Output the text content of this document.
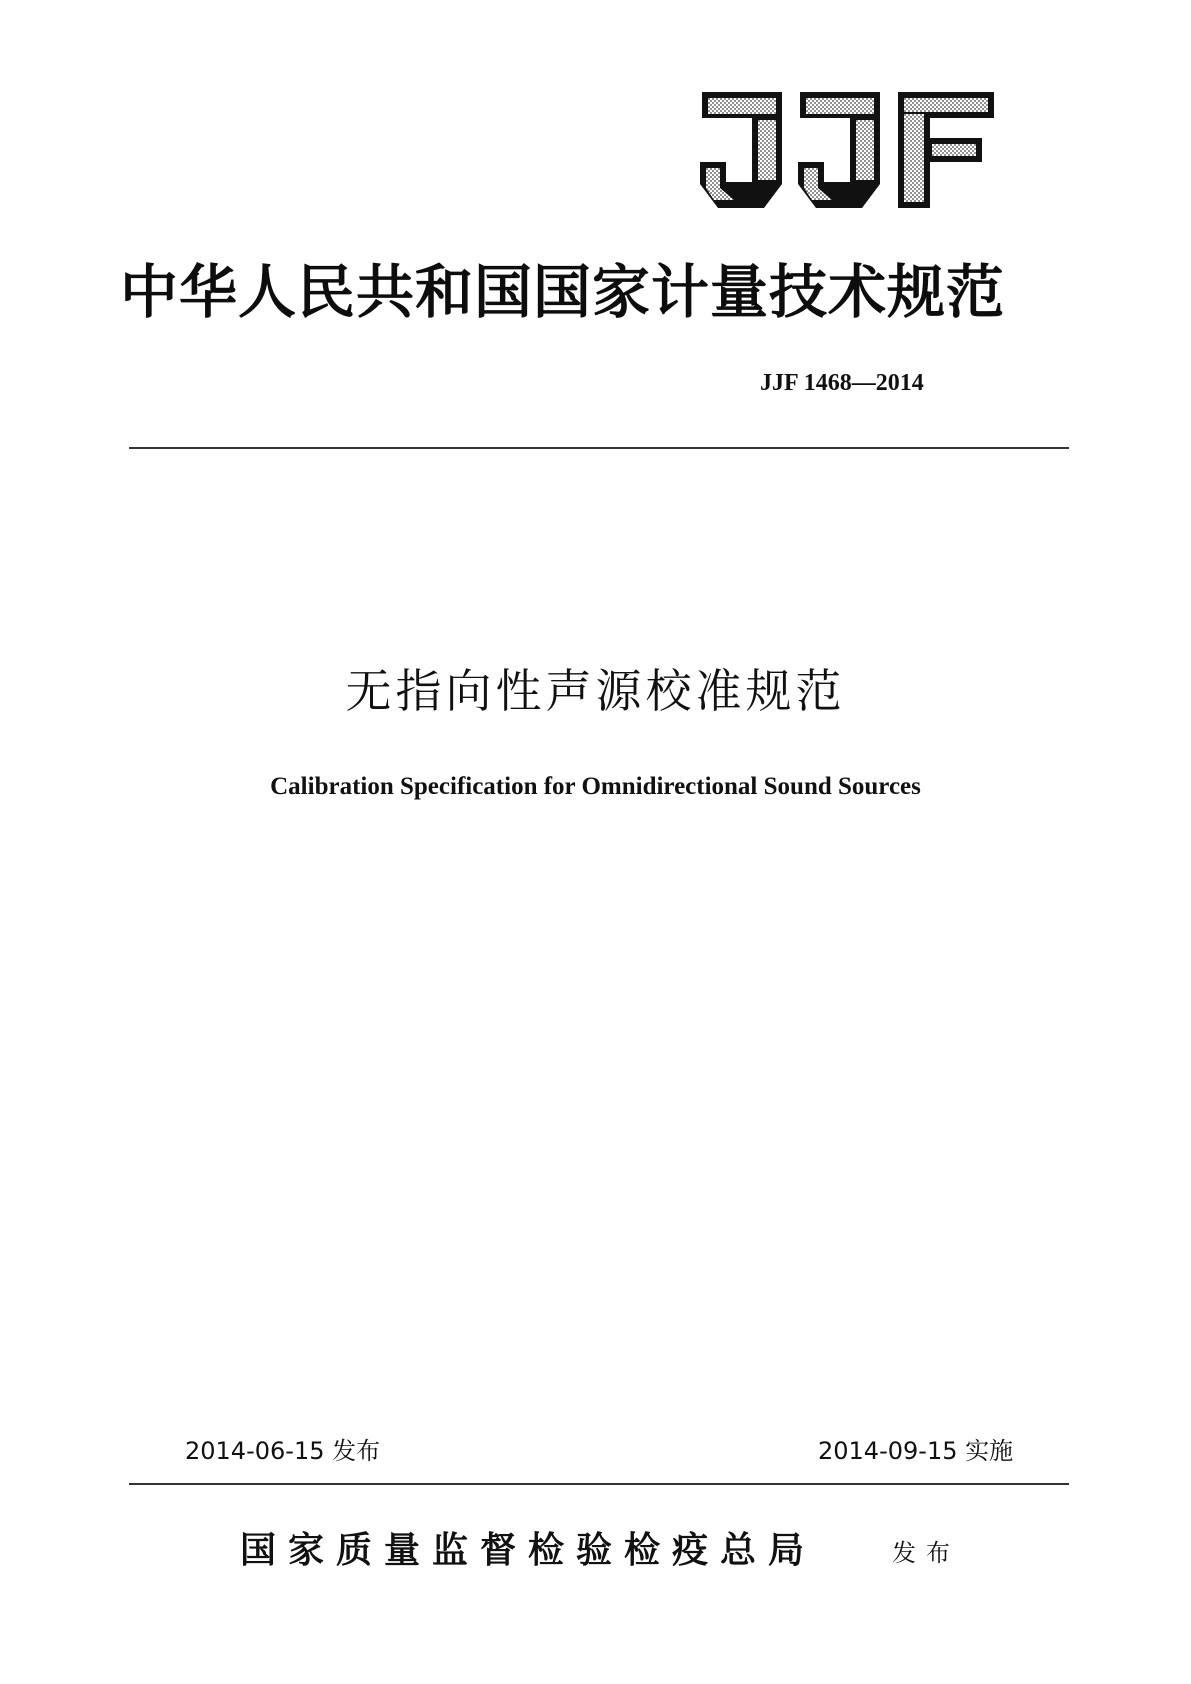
中华人民共和国国家计量技术规范
JJF 1468—2014
无指向性声源校准规范
Calibration Specification for Omnidirectional Sound Sources
2014-06-15 发布	2014-09-15 实施
国家质量监督检验检疫总局	发布
